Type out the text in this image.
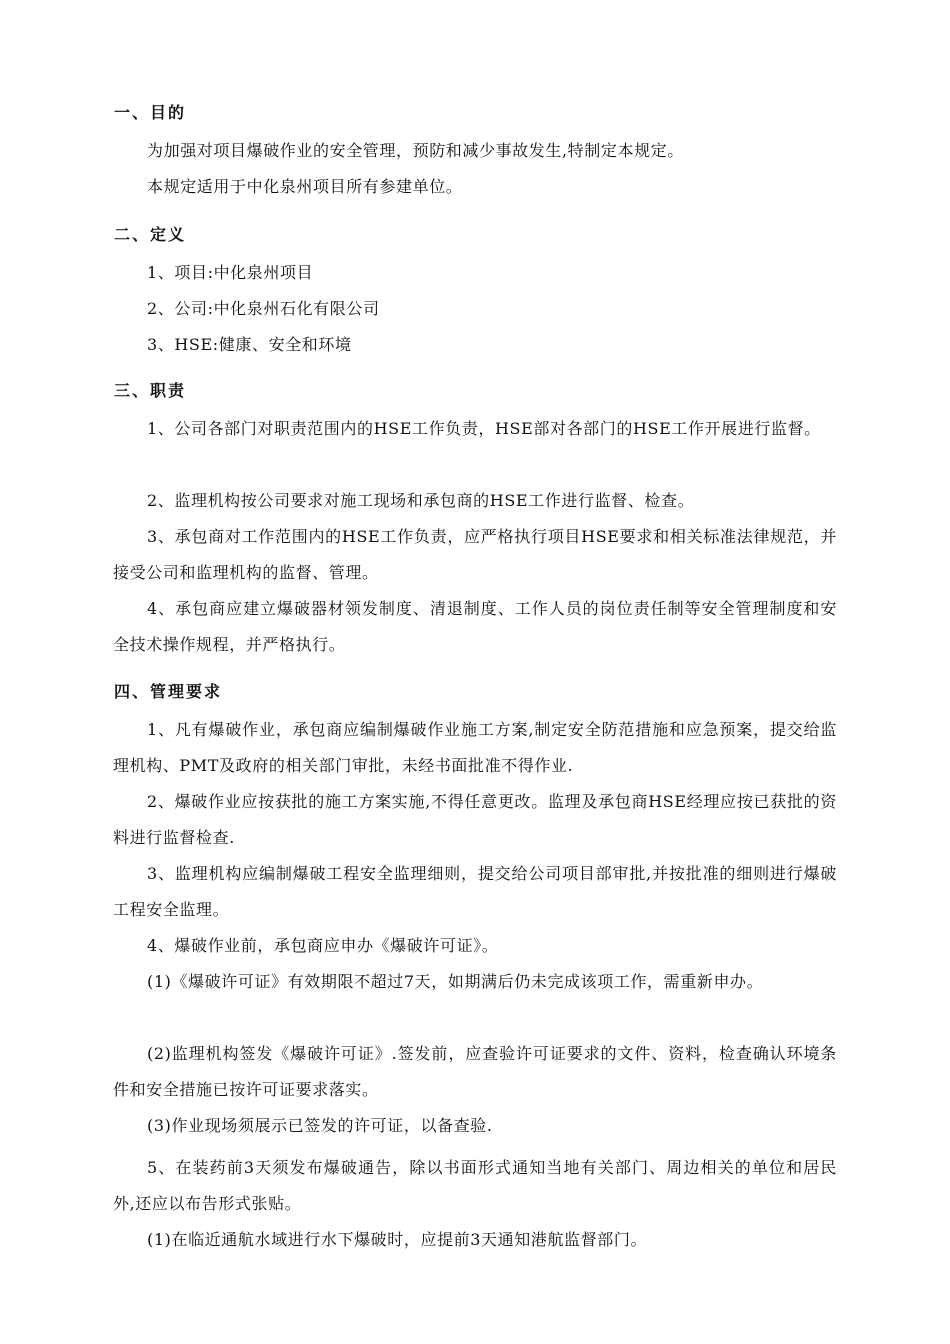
一、目的
为加强对项目爆破作业的安全管理，预防和减少事故发生,特制定本规定。
本规定适用于中化泉州项目所有参建单位。
二、定义
1、项目:中化泉州项目
2、公司:中化泉州石化有限公司
3、HSE:健康、安全和环境
三、职责
1、公司各部门对职责范围内的HSE工作负责，HSE部对各部门的HSE工作开展进行监督。
2、监理机构按公司要求对施工现场和承包商的HSE工作进行监督、检查。
3、承包商对工作范围内的HSE工作负责，应严格执行项目HSE要求和相关标准法律规范，并接受公司和监理机构的监督、管理。
4、承包商应建立爆破器材领发制度、清退制度、工作人员的岗位责任制等安全管理制度和安全技术操作规程，并严格执行。
四、管理要求
1、凡有爆破作业，承包商应编制爆破作业施工方案,制定安全防范措施和应急预案，提交给监理机构、PMT及政府的相关部门审批，未经书面批准不得作业.
2、爆破作业应按获批的施工方案实施,不得任意更改。监理及承包商HSE经理应按已获批的资料进行监督检查.
3、监理机构应编制爆破工程安全监理细则，提交给公司项目部审批,并按批准的细则进行爆破工程安全监理。
4、爆破作业前，承包商应申办《爆破许可证》。
(1)《爆破许可证》有效期限不超过7天，如期满后仍未完成该项工作，需重新申办。
(2)监理机构签发《爆破许可证》.签发前，应查验许可证要求的文件、资料，检查确认环境条件和安全措施已按许可证要求落实。
(3)作业现场须展示已签发的许可证，以备查验.
5、在装药前3天须发布爆破通告，除以书面形式通知当地有关部门、周边相关的单位和居民外,还应以布告形式张贴。
(1)在临近通航水域进行水下爆破时，应提前3天通知港航监督部门。
